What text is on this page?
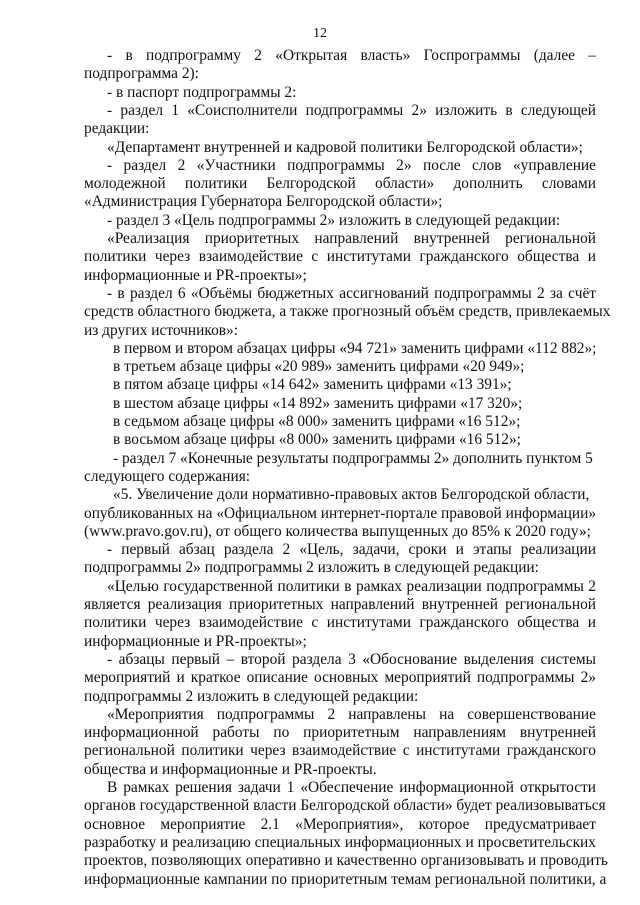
12
- в подпрограмму 2 «Открытая власть» Госпрограммы (далее –
подпрограмма 2):
- в паспорт подпрограммы 2:
- раздел 1 «Соисполнители подпрограммы 2» изложить в следующей
редакции:
«Департамент внутренней и кадровой политики Белгородской области»;
- раздел 2 «Участники подпрограммы 2» после слов «управление
молодежной политики Белгородской области» дополнить словами
«Администрация Губернатора Белгородской области»;
- раздел 3 «Цель подпрограммы 2» изложить в следующей редакции:
«Реализация приоритетных направлений внутренней региональной
политики через взаимодействие с институтами гражданского общества и
информационные и PR-проекты»;
- в раздел 6 «Объёмы бюджетных ассигнований подпрограммы 2 за счёт
средств областного бюджета, а также прогнозный объём средств, привлекаемых
из других источников»:
в первом и втором абзацах цифры «94 721» заменить цифрами «112 882»;
в третьем абзаце цифры «20 989» заменить цифрами «20 949»;
в пятом абзаце цифры «14 642» заменить цифрами «13 391»;
в шестом абзаце цифры «14 892» заменить цифрами «17 320»;
в седьмом абзаце цифры «8 000» заменить цифрами «16 512»;
в восьмом абзаце цифры «8 000» заменить цифрами «16 512»;
- раздел 7 «Конечные результаты подпрограммы 2» дополнить пунктом 5
следующего содержания:
«5. Увеличение доли нормативно-правовых актов Белгородской области,
опубликованных на «Официальном интернет-портале правовой информации»
(www.pravo.gov.ru), от общего количества выпущенных до 85% к 2020 году»;
- первый абзац раздела 2 «Цель, задачи, сроки и этапы реализации
подпрограммы 2» подпрограммы 2 изложить в следующей редакции:
«Целью государственной политики в рамках реализации подпрограммы 2
является реализация приоритетных направлений внутренней региональной
политики через взаимодействие с институтами гражданского общества и
информационные и PR-проекты»;
- абзацы первый – второй раздела 3 «Обоснование выделения системы
мероприятий и краткое описание основных мероприятий подпрограммы 2»
подпрограммы 2 изложить в следующей редакции:
«Мероприятия подпрограммы 2 направлены на совершенствование
информационной работы по приоритетным направлениям внутренней
региональной политики через взаимодействие с институтами гражданского
общества и информационные и PR-проекты.
В рамках решения задачи 1 «Обеспечение информационной открытости
органов государственной власти Белгородской области» будет реализовываться
основное мероприятие 2.1 «Мероприятия», которое предусматривает
разработку и реализацию специальных информационных и просветительских
проектов, позволяющих оперативно и качественно организовывать и проводить
информационные кампании по приоритетным темам региональной политики, а
